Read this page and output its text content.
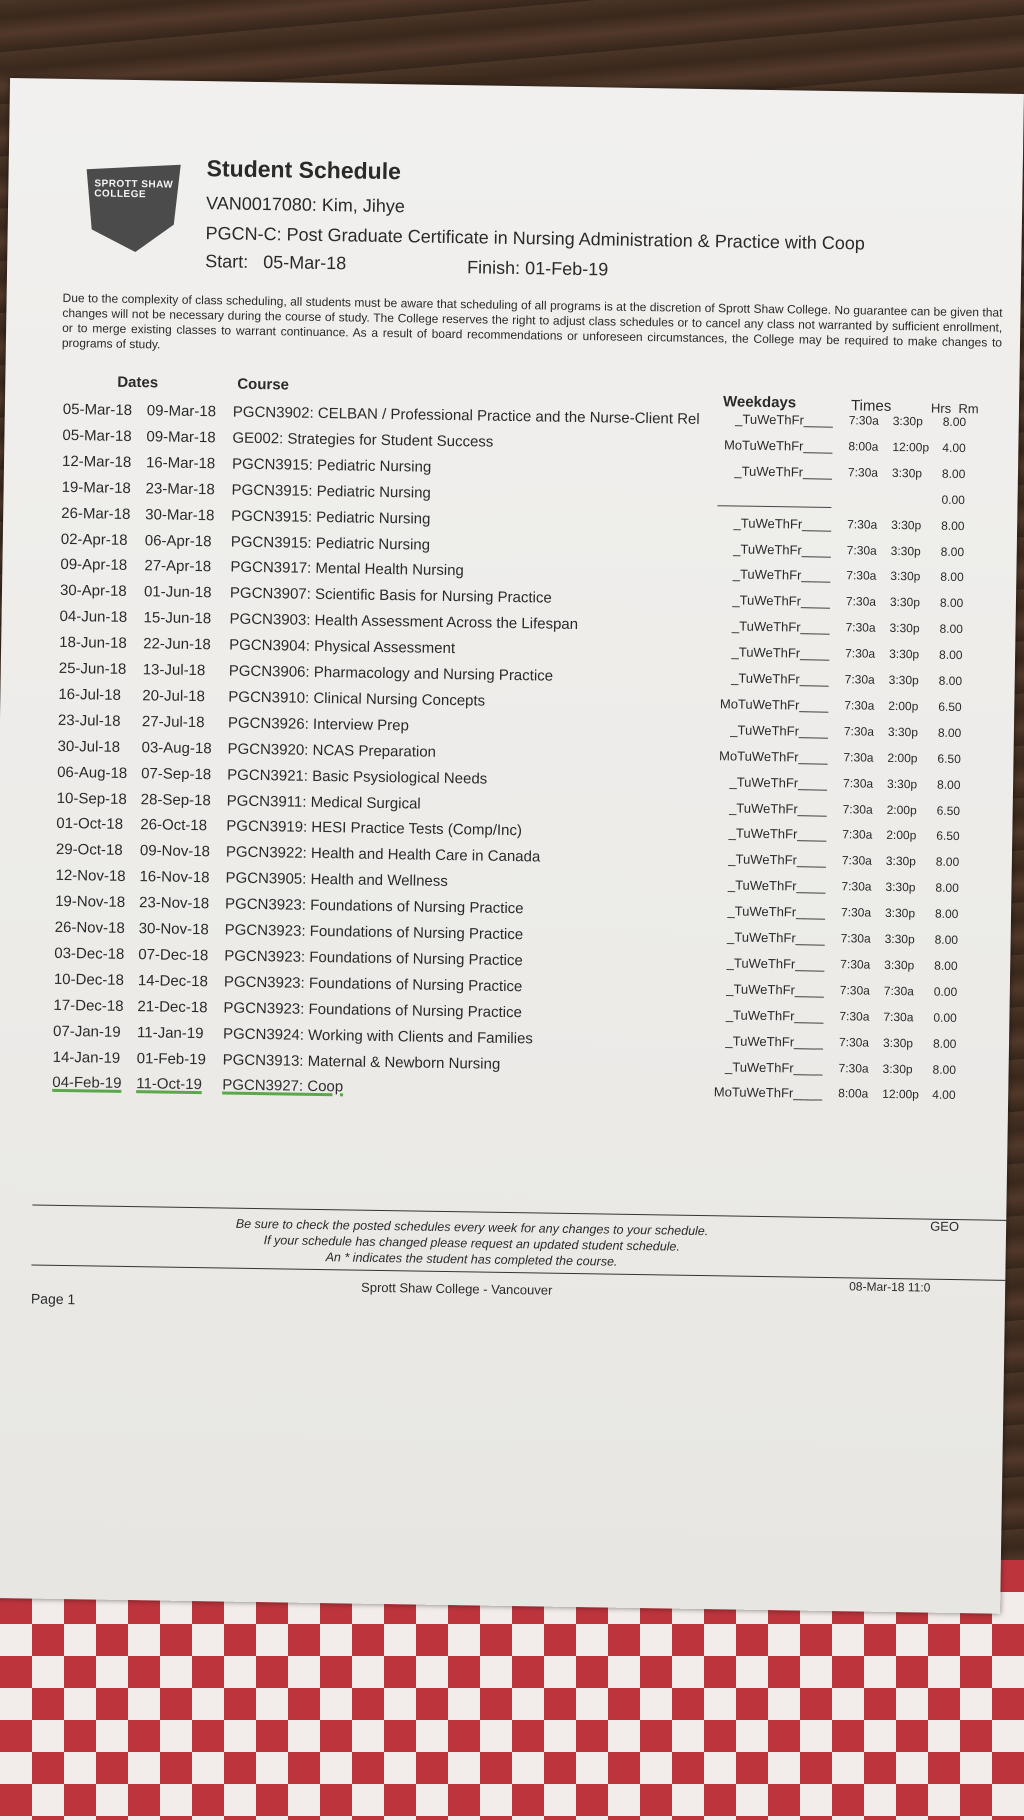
SPROTT SHAW COLLEGE
Student Schedule
VAN0017080: Kim, Jihye
PGCN-C: Post Graduate Certificate in Nursing Administration & Practice with Coop
Start:   05-Mar-18	Finish: 01-Feb-19
Due to the complexity of class scheduling, all students must be aware that scheduling of all programs is at the discretion of Sprott Shaw College. No guarantee can be given that changes will not be necessary during the course of study. The College reserves the right to adjust class schedules or to cancel any class not warranted by sufficient enrollment, or to merge existing classes to warrant continuance. As a result of board recommendations or unforeseen circumstances, the College may be required to make changes to programs of study.
Dates	Course
Weekdays	Times	Hrs  Rm
05-Mar-18 09-Mar-18 PGCN3902: CELBAN / Professional Practice and the Nurse-Client Rel	_TuWeThFr____ 7:30a 3:30p 8.00
05-Mar-18 09-Mar-18 GE002: Strategies for Student Success	MoTuWeThFr____ 8:00a 12:00p 4.00
12-Mar-18 16-Mar-18 PGCN3915: Pediatric Nursing	_TuWeThFr____ 7:30a 3:30p 8.00
19-Mar-18 23-Mar-18 PGCN3915: Pediatric Nursing	0.00
26-Mar-18 30-Mar-18 PGCN3915: Pediatric Nursing	_TuWeThFr____ 7:30a 3:30p 8.00
02-Apr-18 06-Apr-18 PGCN3915: Pediatric Nursing	_TuWeThFr____ 7:30a 3:30p 8.00
09-Apr-18 27-Apr-18 PGCN3917: Mental Health Nursing	_TuWeThFr____ 7:30a 3:30p 8.00
30-Apr-18 01-Jun-18 PGCN3907: Scientific Basis for Nursing Practice	_TuWeThFr____ 7:30a 3:30p 8.00
04-Jun-18 15-Jun-18 PGCN3903: Health Assessment Across the Lifespan	_TuWeThFr____ 7:30a 3:30p 8.00
18-Jun-18 22-Jun-18 PGCN3904: Physical Assessment	_TuWeThFr____ 7:30a 3:30p 8.00
25-Jun-18 13-Jul-18 PGCN3906: Pharmacology and Nursing Practice	_TuWeThFr____ 7:30a 3:30p 8.00
16-Jul-18 20-Jul-18 PGCN3910: Clinical Nursing Concepts	MoTuWeThFr____ 7:30a 2:00p 6.50
23-Jul-18 27-Jul-18 PGCN3926: Interview Prep	_TuWeThFr____ 7:30a 3:30p 8.00
30-Jul-18 03-Aug-18 PGCN3920: NCAS Preparation	MoTuWeThFr____ 7:30a 2:00p 6.50
06-Aug-18 07-Sep-18 PGCN3921: Basic Psysiological Needs	_TuWeThFr____ 7:30a 3:30p 8.00
10-Sep-18 28-Sep-18 PGCN3911: Medical Surgical	_TuWeThFr____ 7:30a 2:00p 6.50
01-Oct-18 26-Oct-18 PGCN3919: HESI Practice Tests (Comp/Inc)	_TuWeThFr____ 7:30a 2:00p 6.50
29-Oct-18 09-Nov-18 PGCN3922: Health and Health Care in Canada	_TuWeThFr____ 7:30a 3:30p 8.00
12-Nov-18 16-Nov-18 PGCN3905: Health and Wellness	_TuWeThFr____ 7:30a 3:30p 8.00
19-Nov-18 23-Nov-18 PGCN3923: Foundations of Nursing Practice	_TuWeThFr____ 7:30a 3:30p 8.00
26-Nov-18 30-Nov-18 PGCN3923: Foundations of Nursing Practice	_TuWeThFr____ 7:30a 3:30p 8.00
03-Dec-18 07-Dec-18 PGCN3923: Foundations of Nursing Practice	_TuWeThFr____ 7:30a 3:30p 8.00
10-Dec-18 14-Dec-18 PGCN3923: Foundations of Nursing Practice	_TuWeThFr____ 7:30a 7:30a 0.00
17-Dec-18 21-Dec-18 PGCN3923: Foundations of Nursing Practice	_TuWeThFr____ 7:30a 7:30a 0.00
07-Jan-19 11-Jan-19 PGCN3924: Working with Clients and Families	_TuWeThFr____ 7:30a 3:30p 8.00
14-Jan-19 01-Feb-19 PGCN3913: Maternal & Newborn Nursing	_TuWeThFr____ 7:30a 3:30p 8.00
04-Feb-19 11-Oct-19 PGCN3927: Coop	MoTuWeThFr____ 8:00a 12:00p 4.00
Be sure to check the posted schedules every week for any changes to your schedule.
If your schedule has changed please request an updated student schedule.
An * indicates the student has completed the course.
GEO
Sprott Shaw College - Vancouver	08-Mar-18 11:0
Page 1
